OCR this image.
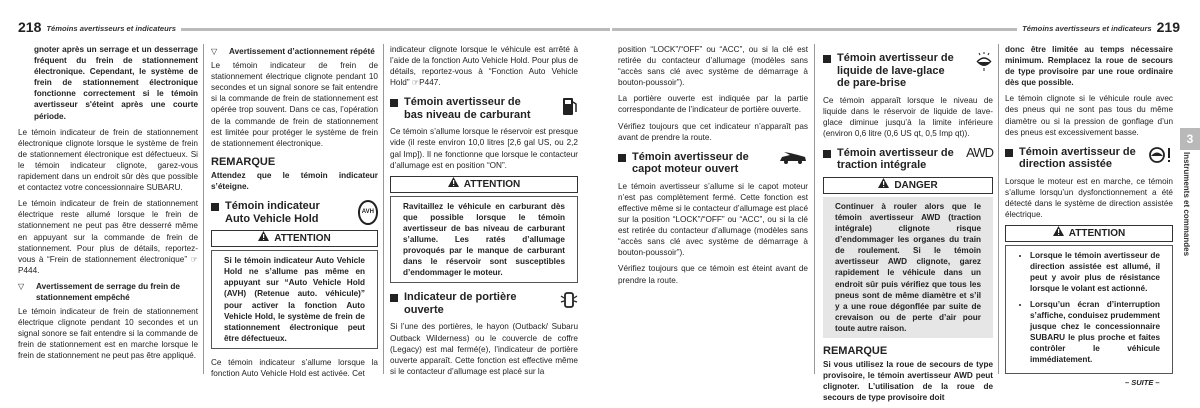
218 Témoins avertisseurs et indicateurs	Témoins avertisseurs et indicateurs 219

gnoter après un serrage et un desserrage fréquent du frein de stationnement électronique. Cependant, le système de frein de stationnement électronique fonctionne correctement si le témoin avertisseur s'éteint après une courte période.

Le témoin indicateur de frein de stationnement électronique clignote lorsque le système de frein de stationnement électronique est défectueux. Si le témoin indicateur clignote, garez-vous rapidement dans un endroit sûr dès que possible et contactez votre concessionnaire SUBARU.

Le témoin indicateur de frein de stationnement électrique reste allumé lorsque le frein de stationnement ne peut pas être desserré même en appuyant sur la commande de frein de stationnement. Pour plus de détails, reportez-vous à “Frein de stationnement électronique” ☞P444.

▽ Avertissement de serrage du frein de stationnement empêché

Le témoin indicateur de frein de stationnement électrique clignote pendant 10 secondes et un signal sonore se fait entendre si la commande de frein de stationnement est en marche lorsque le frein de stationnement ne peut pas être appliqué.

▽ Avertissement d’actionnement répété

Le témoin indicateur de frein de stationnement électrique clignote pendant 10 secondes et un signal sonore se fait entendre si la commande de frein de stationnement est opérée trop souvent. Dans ce cas, l’opération de la commande de frein de stationnement est limitée pour protéger le système de frein de stationnement électronique.

REMARQUE

Attendez que le témoin indicateur s’éteigne.

Témoin indicateur Auto Vehicle Hold
AVH
ATTENTION
Si le témoin indicateur Auto Vehicle Hold ne s’allume pas même en appuyant sur “Auto Vehicle Hold (AVH) (Retenue auto. véhicule)” pour activer la fonction Auto Vehicle Hold, le système de frein de stationnement électronique peut être défectueux.

Ce témoin indicateur s’allume lorsque la fonction Auto Vehicle Hold est activée. Cet

indicateur clignote lorsque le véhicule est arrêté à l’aide de la fonction Auto Vehicle Hold. Pour plus de détails, reportez-vous à “Fonction Auto Vehicle Hold” ☞P447.

Témoin avertisseur de bas niveau de carburant

Ce témoin s’allume lorsque le réservoir est presque vide (il reste environ 10,0 litres [2,6 gal US, ou 2,2 gal Imp]). Il ne fonctionne que lorsque le contacteur d’allumage est en position “ON”.

ATTENTION
Ravitaillez le véhicule en carburant dès que possible lorsque le témoin avertisseur de bas niveau de carburant s’allume. Les ratés d’allumage provoqués par le manque de carburant dans le réservoir sont susceptibles d’endommager le moteur.
Indicateur de portière ouverte

Si l’une des portières, le hayon (Outback/ Subaru Outback Wilderness) ou le couvercle de coffre (Legacy) est mal fermé(e), l’indicateur de portière ouverte apparaît. Cette fonction est effective même si le contacteur d’allumage est placé sur la

position “LOCK”/“OFF” ou “ACC”, ou si la clé est retirée du contacteur d’allumage (modèles sans “accès sans clé avec système de démarrage à bouton-poussoir”).

La portière ouverte est indiquée par la partie correspondante de l’indicateur de portière ouverte.

Vérifiez toujours que cet indicateur n’apparaît pas avant de prendre la route.

Témoin avertisseur de capot moteur ouvert

Le témoin avertisseur s’allume si le capot moteur n’est pas complètement fermé. Cette fonction est effective même si le contacteur d’allumage est placé sur la position “LOCK”/“OFF” ou “ACC”, ou si la clé est retirée du contacteur d’allumage (modèles sans “accès sans clé avec système de démarrage à bouton-poussoir”).

Vérifiez toujours que ce témoin est éteint avant de prendre la route.

Témoin avertisseur de liquide de lave-glace de pare-brise

Ce témoin apparaît lorsque le niveau de liquide dans le réservoir de liquide de lave-glace diminue jusqu’à la limite inférieure (environ 0,6 litre (0,6 US qt, 0,5 Imp qt)).

Témoin avertisseur de traction intégrale
AWD
DANGER
Continuer à rouler alors que le témoin avertisseur AWD (traction intégrale) clignote risque d’endommager les organes du train de roulement. Si le témoin avertisseur AWD clignote, garez rapidement le véhicule dans un endroit sûr puis vérifiez que tous les pneus sont de même diamètre et s’il y a une roue dégonflée par suite de crevaison ou de perte d’air pour toute autre raison.
REMARQUE

Si vous utilisez la roue de secours de type provisoire, le témoin avertisseur AWD peut clignoter. L’utilisation de la roue de secours de type provisoire doit

donc être limitée au temps nécessaire minimum. Remplacez la roue de secours de type provisoire par une roue ordinaire dès que possible.

Le témoin clignote si le véhicule roule avec des pneus qui ne sont pas tous du même diamètre ou si la pression de gonflage d’un des pneus est excessivement basse.

Témoin avertisseur de direction assistée

Lorsque le moteur est en marche, ce témoin s’allume lorsqu’un dysfonctionnement a été détecté dans le système de direction assistée électrique.

ATTENTION
• Lorsque le témoin avertisseur de direction assistée est allumé, il peut y avoir plus de résistance lorsque le volant est actionné.
• Lorsqu’un écran d’interruption s’affiche, conduisez prudemment jusque chez le concessionnaire SUBARU le plus proche et faites contrôler le véhicule immédiatement.
3
Instruments et commandes
– SUITE –
